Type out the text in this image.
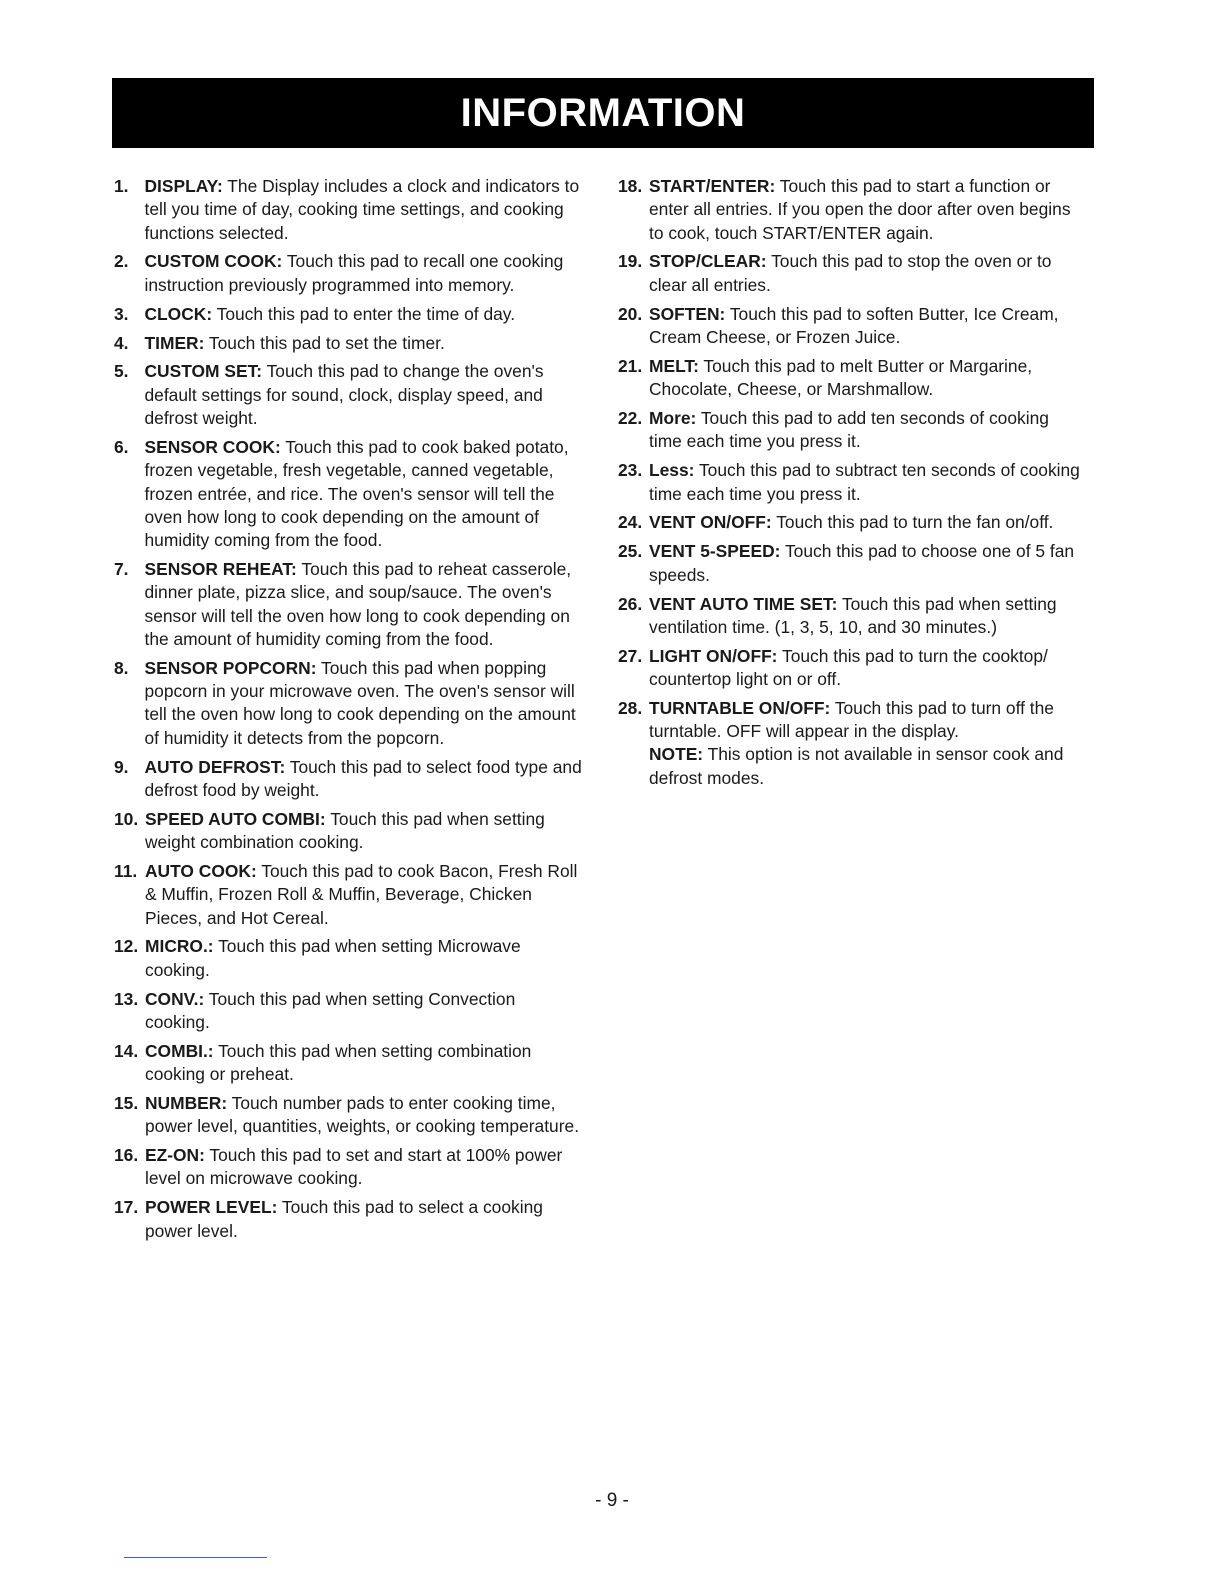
INFORMATION
1. DISPLAY: The Display includes a clock and indicators to tell you time of day, cooking time settings, and cooking functions selected.
2. CUSTOM COOK: Touch this pad to recall one cooking instruction previously programmed into memory.
3. CLOCK: Touch this pad to enter the time of day.
4. TIMER: Touch this pad to set the timer.
5. CUSTOM SET: Touch this pad to change the oven's default settings for sound, clock, display speed, and defrost weight.
6. SENSOR COOK: Touch this pad to cook baked potato, frozen vegetable, fresh vegetable, canned vegetable, frozen entrée, and rice. The oven's sensor will tell the oven how long to cook depending on the amount of humidity coming from the food.
7. SENSOR REHEAT: Touch this pad to reheat casserole, dinner plate, pizza slice, and soup/sauce. The oven's sensor will tell the oven how long to cook depending on the amount of humidity coming from the food.
8. SENSOR POPCORN: Touch this pad when popping popcorn in your microwave oven. The oven's sensor will tell the oven how long to cook depending on the amount of humidity it detects from the popcorn.
9. AUTO DEFROST: Touch this pad to select food type and defrost food by weight.
10. SPEED AUTO COMBI: Touch this pad when setting weight combination cooking.
11. AUTO COOK: Touch this pad to cook Bacon, Fresh Roll & Muffin, Frozen Roll & Muffin, Beverage, Chicken Pieces, and Hot Cereal.
12. MICRO.: Touch this pad when setting Microwave cooking.
13. CONV.: Touch this pad when setting Convection cooking.
14. COMBI.: Touch this pad when setting combination cooking or preheat.
15. NUMBER: Touch number pads to enter cooking time, power level, quantities, weights, or cooking temperature.
16. EZ-ON: Touch this pad to set and start at 100% power level on microwave cooking.
17. POWER LEVEL: Touch this pad to select a cooking power level.
18. START/ENTER: Touch this pad to start a function or enter all entries. If you open the door after oven begins to cook, touch START/ENTER again.
19. STOP/CLEAR: Touch this pad to stop the oven or to clear all entries.
20. SOFTEN: Touch this pad to soften Butter, Ice Cream, Cream Cheese, or Frozen Juice.
21. MELT: Touch this pad to melt Butter or Margarine, Chocolate, Cheese, or Marshmallow.
22. More: Touch this pad to add ten seconds of cooking time each time you press it.
23. Less: Touch this pad to subtract ten seconds of cooking time each time you press it.
24. VENT ON/OFF: Touch this pad to turn the fan on/off.
25. VENT 5-SPEED: Touch this pad to choose one of 5 fan speeds.
26. VENT AUTO TIME SET: Touch this pad when setting ventilation time. (1, 3, 5, 10, and 30 minutes.)
27. LIGHT ON/OFF: Touch this pad to turn the cooktop/ countertop light on or off.
28. TURNTABLE ON/OFF: Touch this pad to turn off the turntable. OFF will appear in the display.
NOTE: This option is not available in sensor cook and defrost modes.
- 9 -
